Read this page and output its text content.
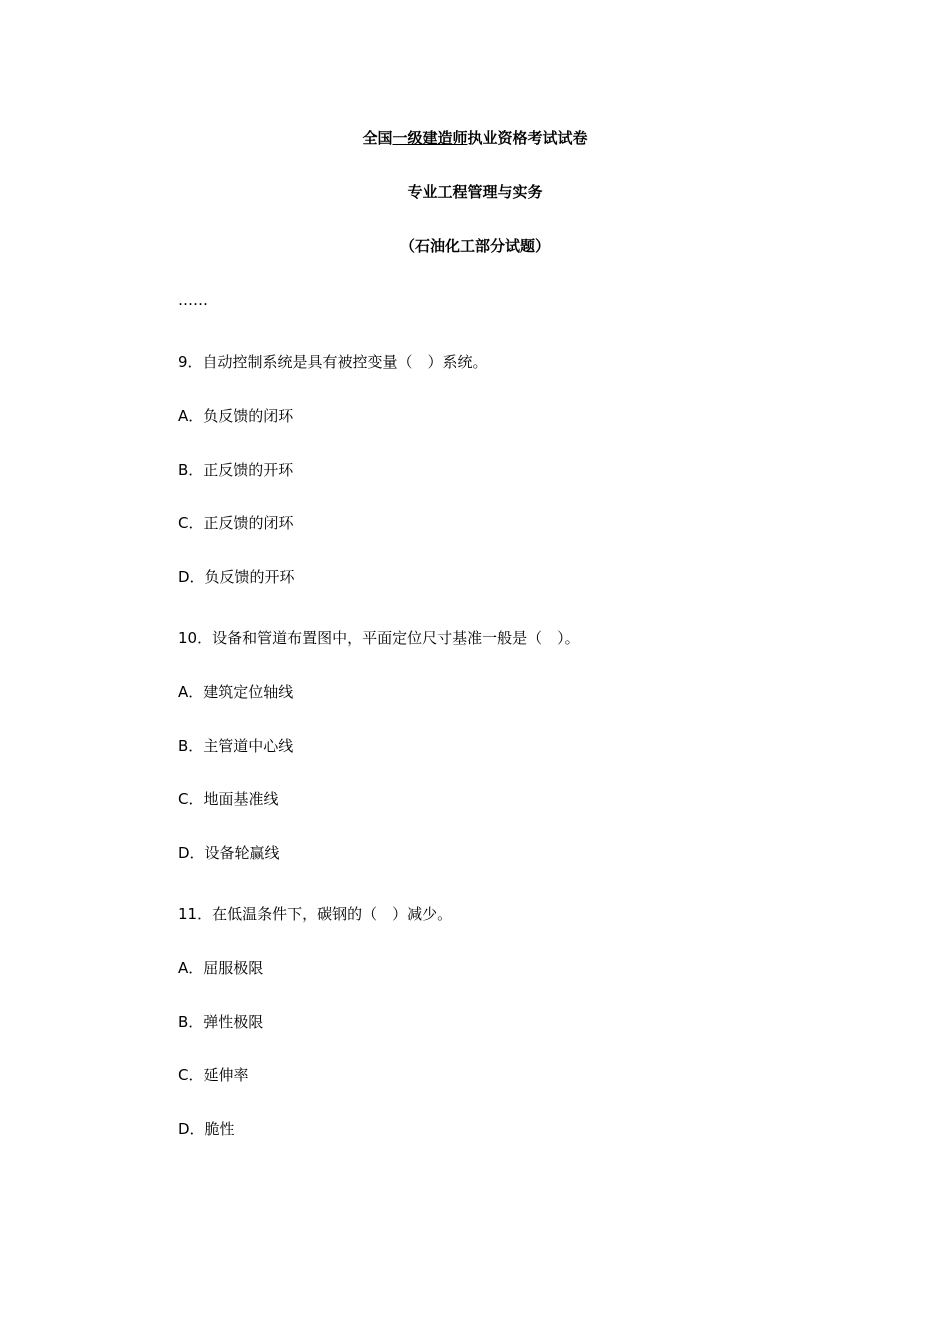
全国一级建造师执业资格考试试卷
专业工程管理与实务
（石油化工部分试题）
……
9．自动控制系统是具有被控变量（　）系统。
A．负反馈的闭环
B．正反馈的开环
C．正反馈的闭环
D．负反馈的开环
10．设备和管道布置图中，平面定位尺寸基准一般是（　）。
A．建筑定位轴线
B．主管道中心线
C．地面基准线
D．设备轮赢线
11．在低温条件下，碳钢的（　）减少。
A．屈服极限
B．弹性极限
C．延伸率
D．脆性
